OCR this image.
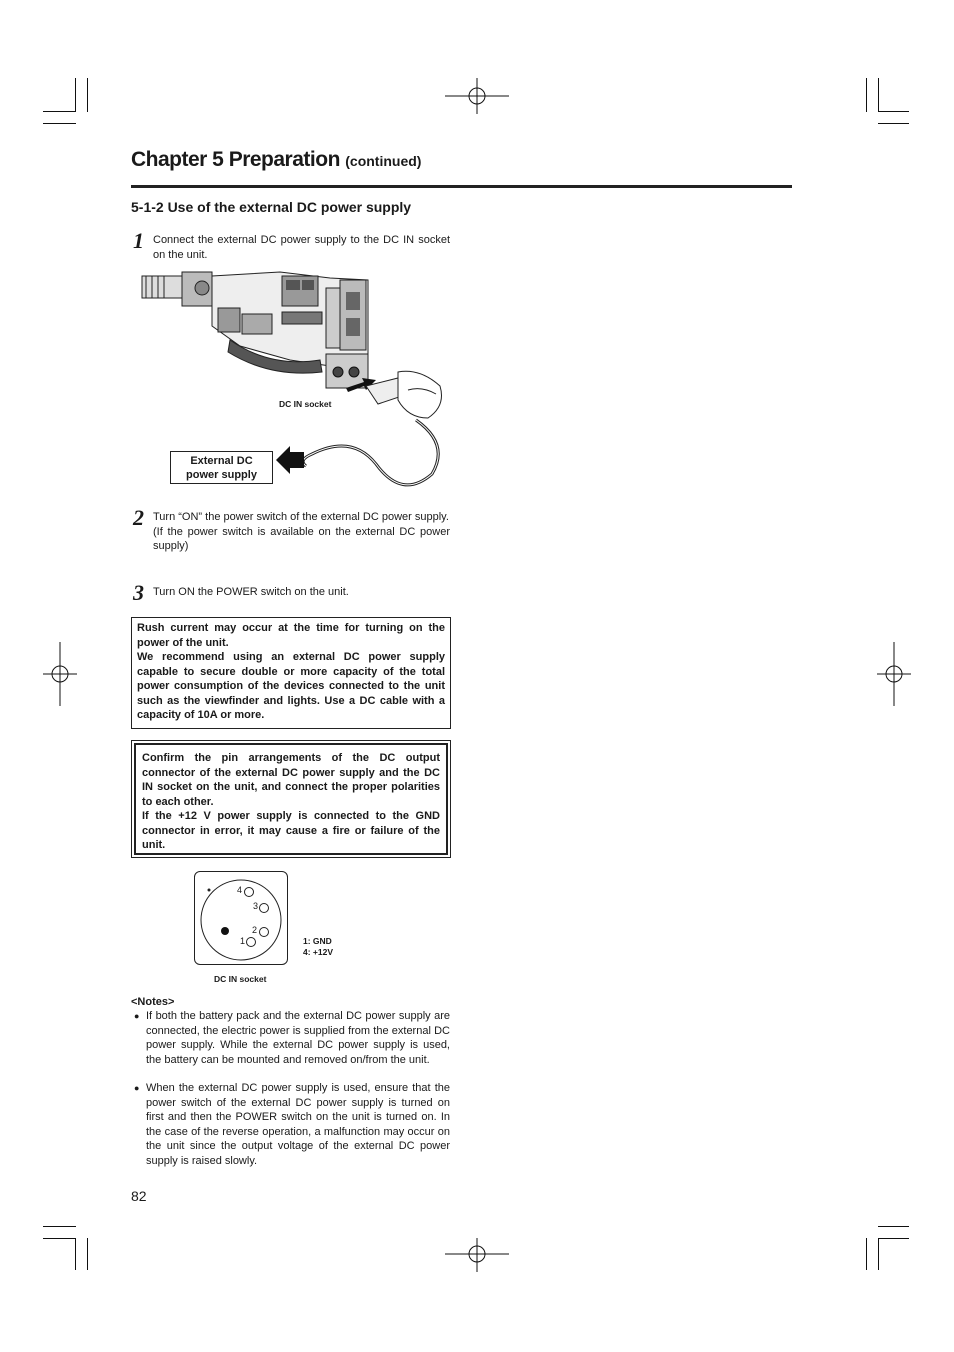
Chapter 5 Preparation (continued)
5-1-2 Use of the external DC power supply
1 Connect the external DC power supply to the DC IN socket on the unit.
DC IN socket
External DC
power supply
2 Turn “ON” the power switch of the external DC power supply.
(If the power switch is available on the external DC power supply)
3 Turn ON the POWER switch on the unit.
Rush current may occur at the time for turning on the power of the unit.
We recommend using an external DC power supply capable to secure double or more capacity of the total power consumption of the devices connected to the unit such as the viewfinder and lights. Use a DC cable with a capacity of 10A or more.
Confirm the pin arrangements of the DC output connector of the external DC power supply and the DC IN socket on the unit, and connect the proper polarities to each other.
If the +12 V power supply is connected to the GND connector in error, it may cause a fire or failure of the unit.
4
3
2
1	1: GND
4: +12V
DC IN socket
<Notes>
● If both the battery pack and the external DC power supply are connected, the electric power is supplied from the external DC power supply. While the external DC power supply is used, the battery can be mounted and removed on/from the unit.
● When the external DC power supply is used, ensure that the power switch of the external DC power supply is turned on first and then the POWER switch on the unit is turned on. In the case of the reverse operation, a malfunction may occur on the unit since the output voltage of the external DC power supply is raised slowly.
82
